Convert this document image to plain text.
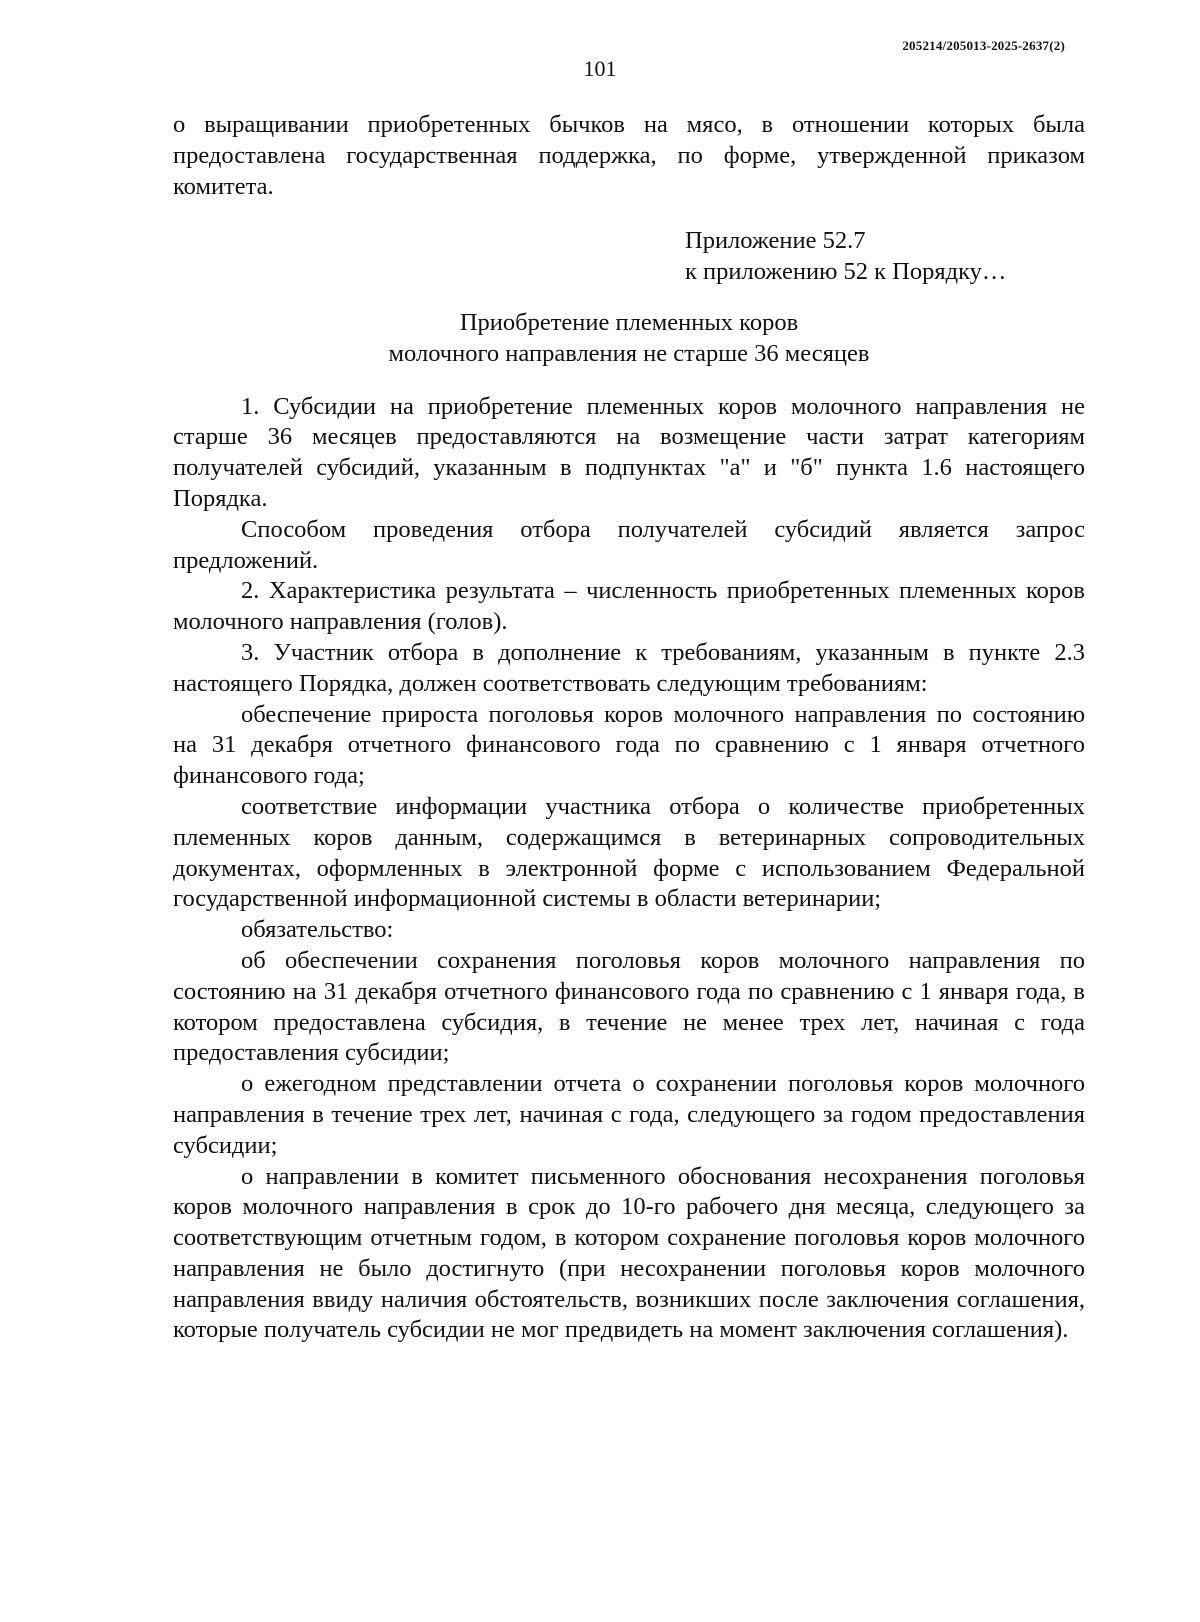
205214/205013-2025-2637(2)
101

о выращивании приобретенных бычков на мясо, в отношении которых была предоставлена государственная поддержка, по форме, утвержденной приказом комитета.

Приложение 52.7
к приложению 52 к Порядку…
Приобретение племенных коров
молочного направления не старше 36 месяцев

1. Субсидии на приобретение племенных коров молочного направления не старше 36 месяцев предоставляются на возмещение части затрат категориям получателей субсидий, указанным в подпунктах "а" и "б" пункта 1.6 настоящего Порядка.

Способом проведения отбора получателей субсидий является запрос предложений.

2. Характеристика результата – численность приобретенных племенных коров молочного направления (голов).

3. Участник отбора в дополнение к требованиям, указанным в пункте 2.3 настоящего Порядка, должен соответствовать следующим требованиям:

обеспечение прироста поголовья коров молочного направления по состоянию на 31 декабря отчетного финансового года по сравнению с 1 января отчетного финансового года;

соответствие информации участника отбора о количестве приобретенных племенных коров данным, содержащимся в ветеринарных сопроводительных документах, оформленных в электронной форме с использованием Федеральной государственной информационной системы в области ветеринарии;

обязательство:

об обеспечении сохранения поголовья коров молочного направления по состоянию на 31 декабря отчетного финансового года по сравнению с 1 января года, в котором предоставлена субсидия, в течение не менее трех лет, начиная с года предоставления субсидии;

о ежегодном представлении отчета о сохранении поголовья коров молочного направления в течение трех лет, начиная с года, следующего за годом предоставления субсидии;

о направлении в комитет письменного обоснования несохранения поголовья коров молочного направления в срок до 10-го рабочего дня месяца, следующего за соответствующим отчетным годом, в котором сохранение поголовья коров молочного направления не было достигнуто (при несохранении поголовья коров молочного направления ввиду наличия обстоятельств, возникших после заключения соглашения, которые получатель субсидии не мог предвидеть на момент заключения соглашения).
